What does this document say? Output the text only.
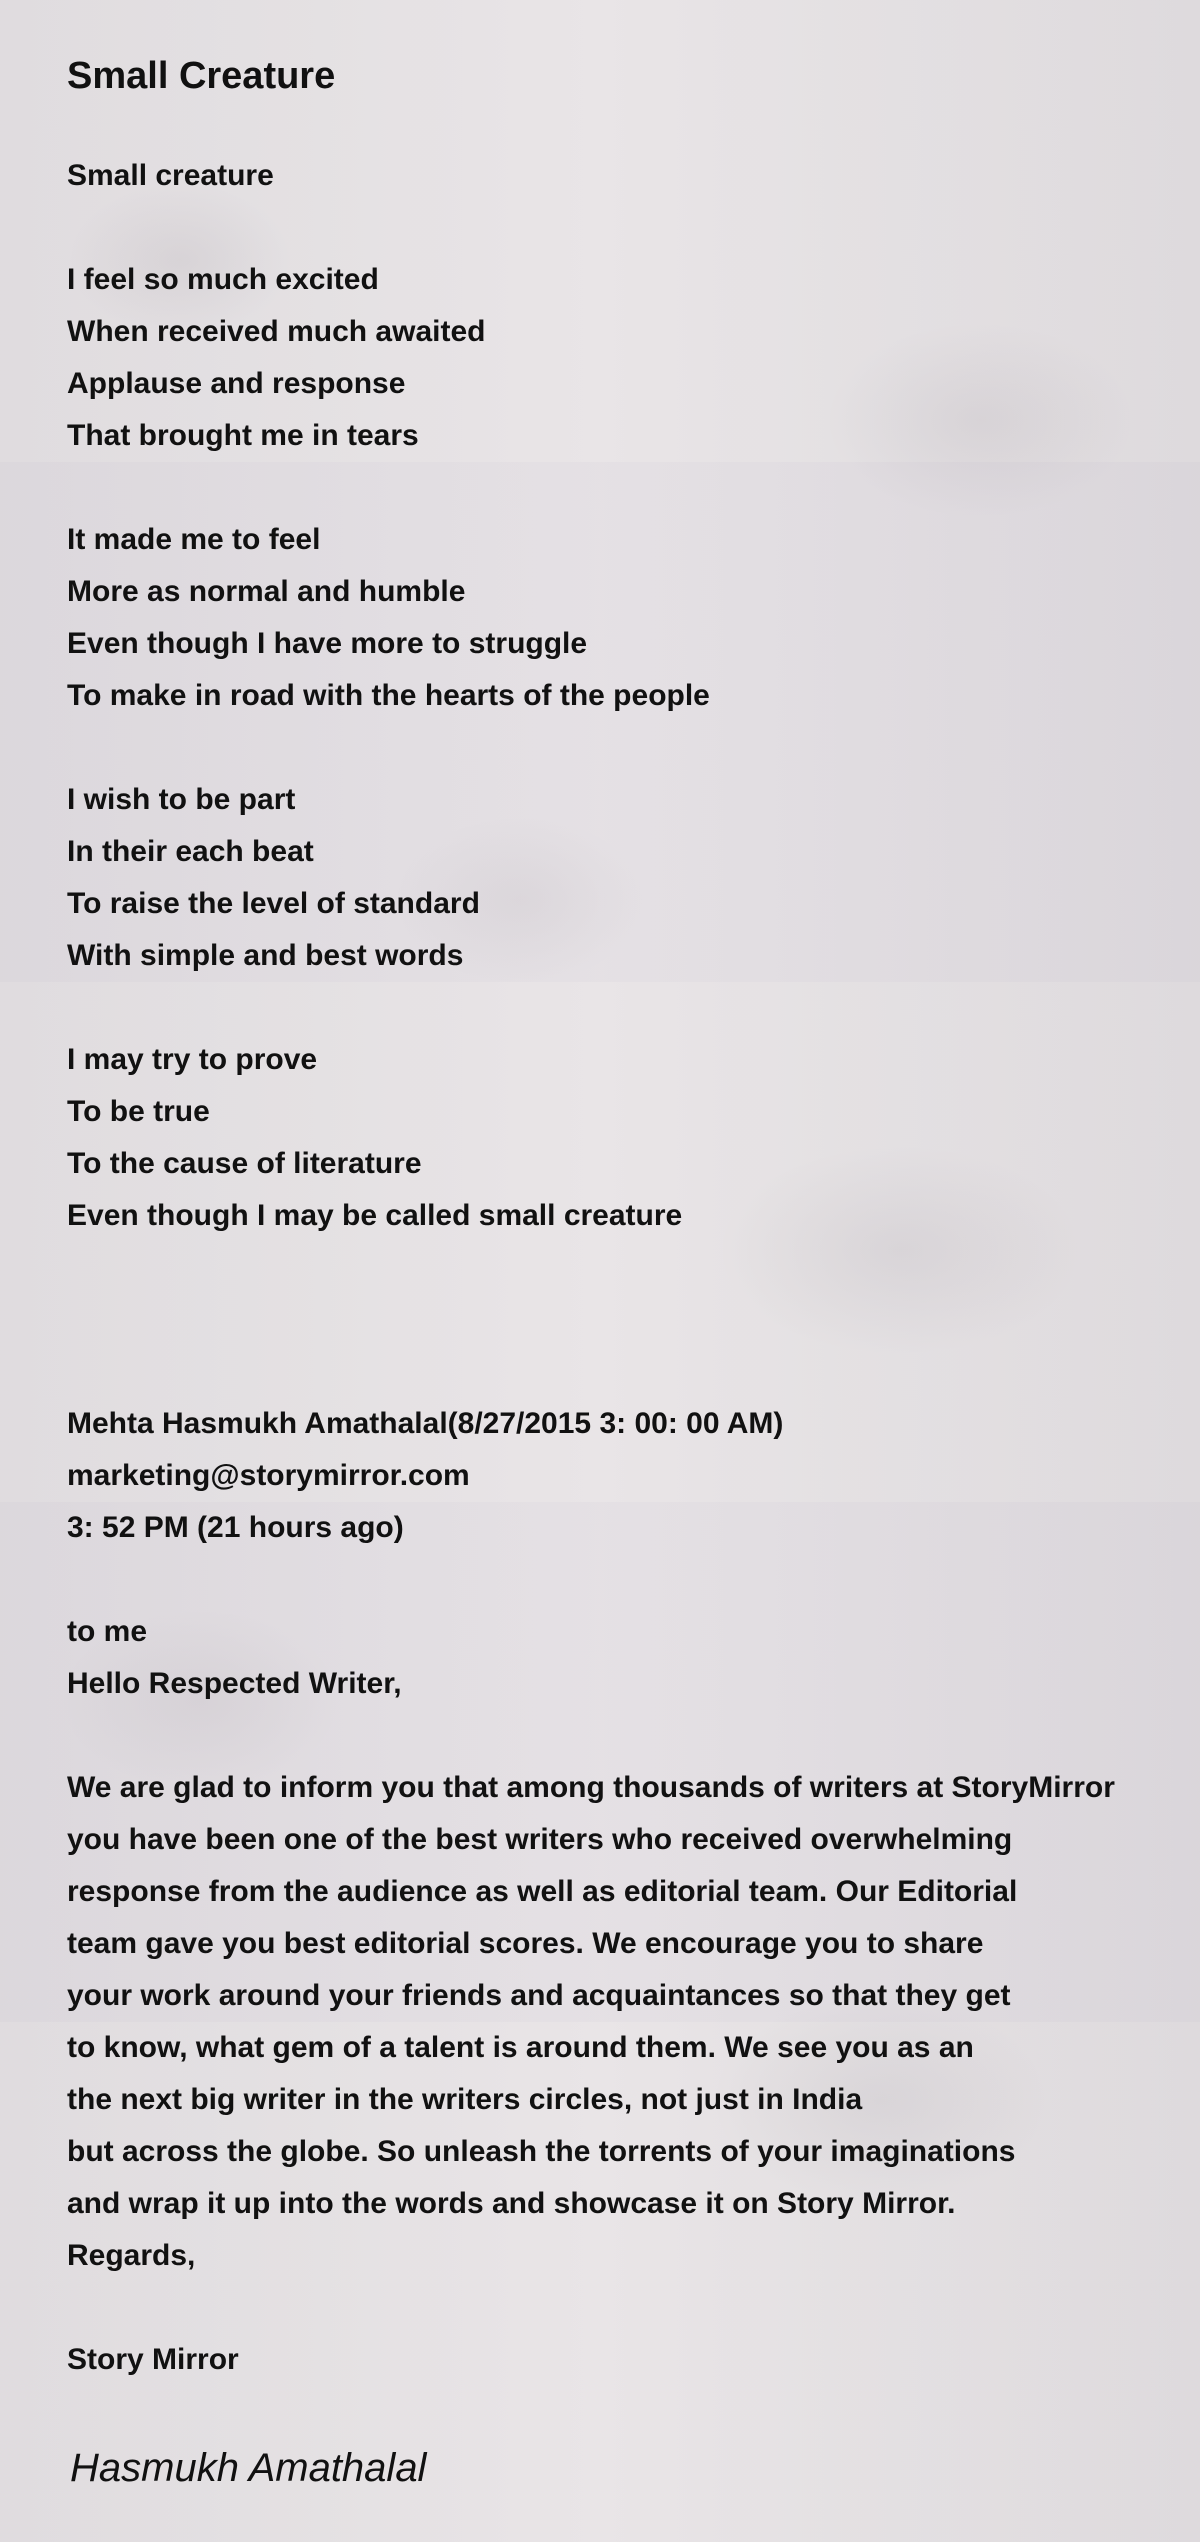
Small Creature
Small creature
I feel so much excited
When received much awaited
Applause and response
That brought me in tears
It made me to feel
More as normal and humble
Even though I have more to struggle
To make in road with the hearts of the people
I wish to be part
In their each beat
To raise the level of standard
With simple and best words
I may try to prove
To be true
To the cause of literature
Even though I may be called small creature
Mehta Hasmukh Amathalal(8/27/2015 3: 00: 00 AM)
marketing@storymirror.com
3: 52 PM (21 hours ago)
to me
Hello Respected Writer,
We are glad to inform you that among thousands of writers at StoryMirror
you have been one of the best writers who received overwhelming
response from the audience as well as editorial team. Our Editorial
team gave you best editorial scores. We encourage you to share
your work around your friends and acquaintances so that they get
to know, what gem of a talent is around them. We see you as an
the next big writer in the writers circles, not just in India
but across the globe. So unleash the torrents of your imaginations
and wrap it up into the words and showcase it on Story Mirror.
Regards,
Story Mirror
Hasmukh Amathalal
